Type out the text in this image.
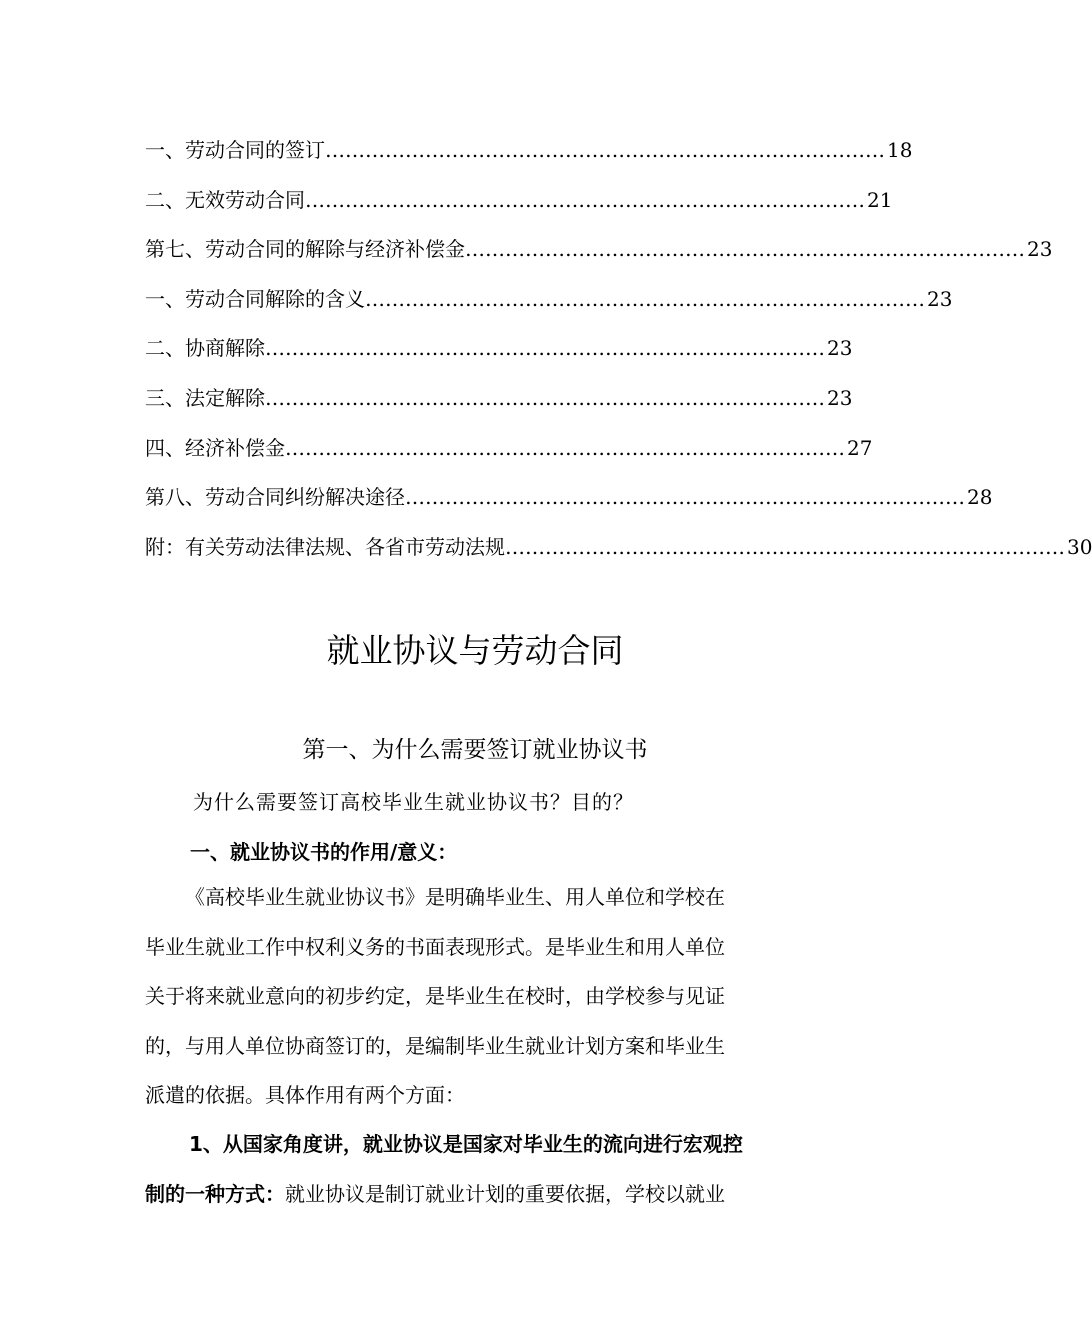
一、劳动合同的签订 ………………………………………………………………………… 18
二、无效劳动合同 ………………………………………………………………………… 21
第七、劳动合同的解除与经济补偿金 ………………………………………………………………………… 23
一、劳动合同解除的含义 ………………………………………………………………………… 23
二、协商解除 ………………………………………………………………………… 23
三、法定解除 ………………………………………………………………………… 23
四、经济补偿金 ………………………………………………………………………… 27
第八、劳动合同纠纷解决途径 ………………………………………………………………………… 28
附：有关劳动法律法规、各省市劳动法规 ………………………………………………………………………… 30
就业协议与劳动合同
第一、为什么需要签订就业协议书
为什么需要签订高校毕业生就业协议书？目的？
一、就业协议书的作用/意义：
《高校毕业生就业协议书》是明确毕业生、用人单位和学校在
毕业生就业工作中权利义务的书面表现形式。是毕业生和用人单位
关于将来就业意向的初步约定，是毕业生在校时，由学校参与见证
的，与用人单位协商签订的，是编制毕业生就业计划方案和毕业生
派遣的依据。具体作用有两个方面：
1、从国家角度讲，就业协议是国家对毕业生的流向进行宏观控
制的一种方式：就业协议是制订就业计划的重要依据，学校以就业
